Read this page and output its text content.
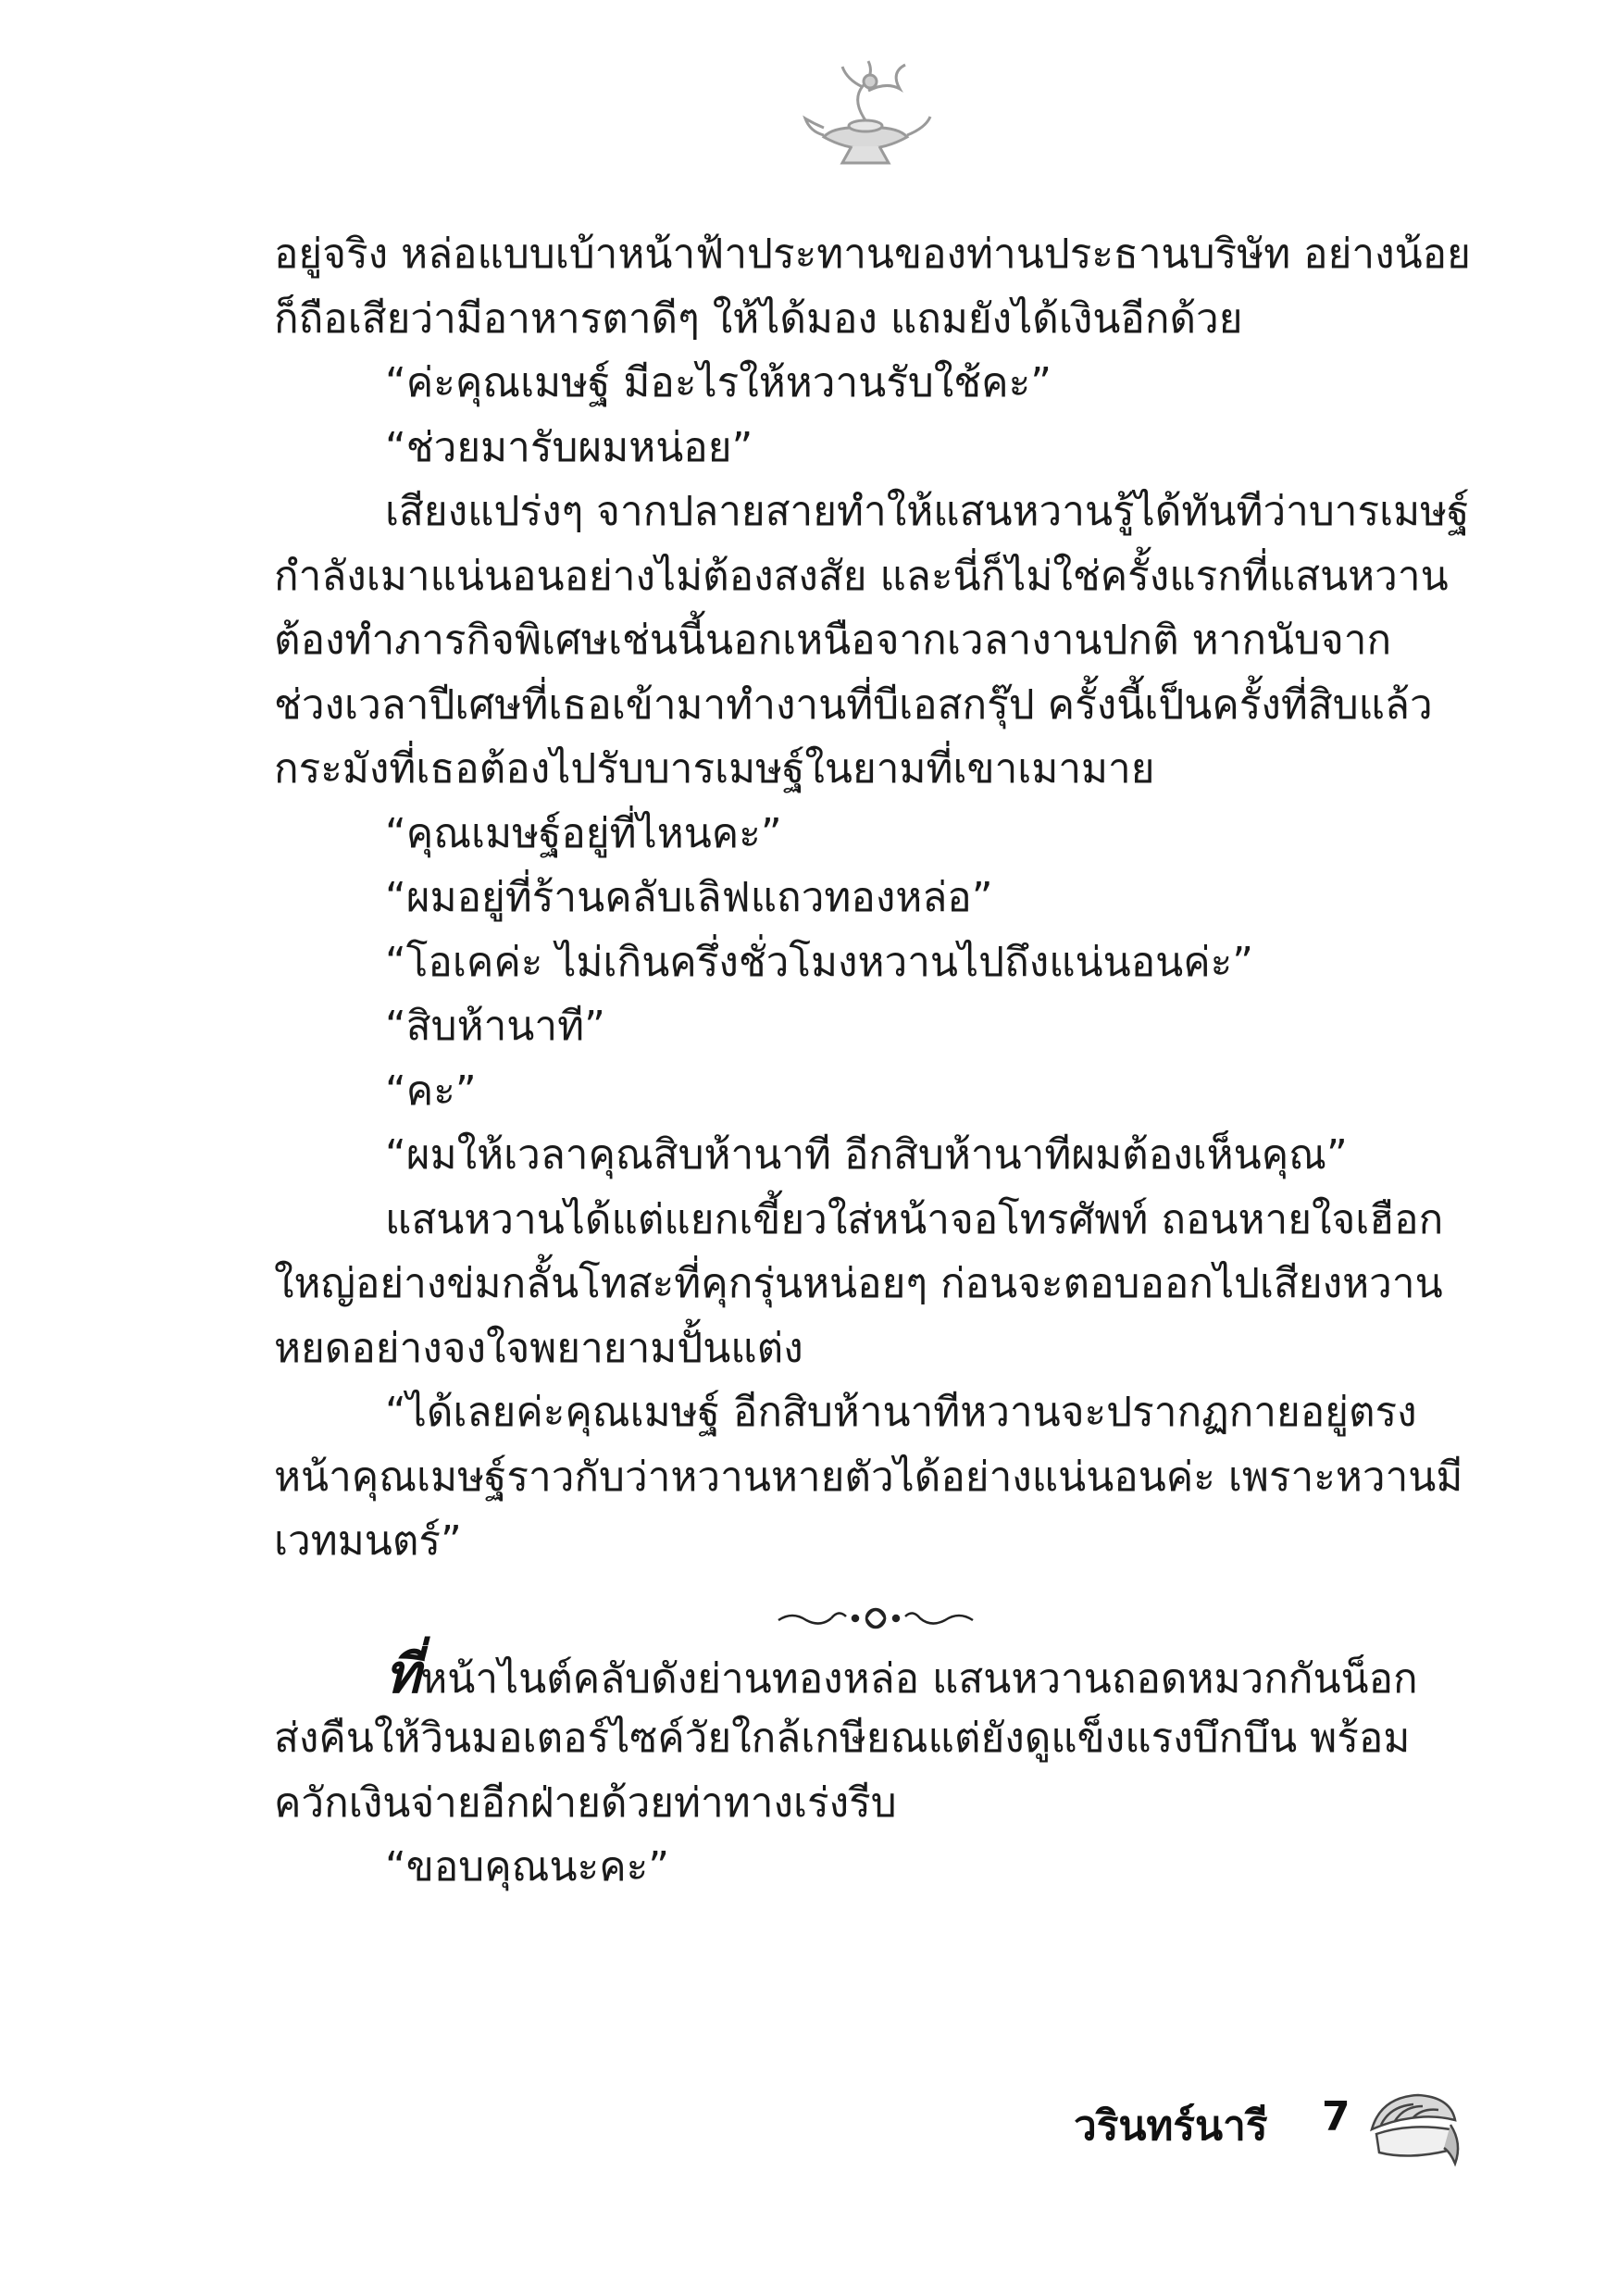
อยู่จริง หล่อแบบเบ้าหน้าฟ้าประทานของท่านประธานบริษัท อย่างน้อย
ก็ถือเสียว่ามีอาหารตาดีๆ ให้ได้มอง แถมยังได้เงินอีกด้วย
“ค่ะคุณเมษฐ์ มีอะไรให้หวานรับใช้คะ”
“ช่วยมารับผมหน่อย”
เสียงแปร่งๆ จากปลายสายทำให้แสนหวานรู้ได้ทันทีว่าบารเมษฐ์
กำลังเมาแน่นอนอย่างไม่ต้องสงสัย และนี่ก็ไม่ใช่ครั้งแรกที่แสนหวาน
ต้องทำภารกิจพิเศษเช่นนี้นอกเหนือจากเวลางานปกติ หากนับจาก
ช่วงเวลาปีเศษที่เธอเข้ามาทำงานที่บีเอสกรุ๊ป ครั้งนี้เป็นครั้งที่สิบแล้ว
กระมังที่เธอต้องไปรับบารเมษฐ์ในยามที่เขาเมามาย
“คุณเมษฐ์อยู่ที่ไหนคะ”
“ผมอยู่ที่ร้านคลับเลิฟแถวทองหล่อ”
“โอเคค่ะ ไม่เกินครึ่งชั่วโมงหวานไปถึงแน่นอนค่ะ”
“สิบห้านาที”
“คะ”
“ผมให้เวลาคุณสิบห้านาที อีกสิบห้านาทีผมต้องเห็นคุณ”
แสนหวานได้แต่แยกเขี้ยวใส่หน้าจอโทรศัพท์ ถอนหายใจเฮือก
ใหญ่อย่างข่มกลั้นโทสะที่คุกรุ่นหน่อยๆ ก่อนจะตอบออกไปเสียงหวาน
หยดอย่างจงใจพยายามปั้นแต่ง
“ได้เลยค่ะคุณเมษฐ์ อีกสิบห้านาทีหวานจะปรากฏกายอยู่ตรง
หน้าคุณเมษฐ์ราวกับว่าหวานหายตัวได้อย่างแน่นอนค่ะ เพราะหวานมี
เวทมนตร์”
ที่หน้าไนต์คลับดังย่านทองหล่อ แสนหวานถอดหมวกกันน็อก
ส่งคืนให้วินมอเตอร์ไซค์วัยใกล้เกษียณแต่ยังดูแข็งแรงบึกบึน พร้อม
ควักเงินจ่ายอีกฝ่ายด้วยท่าทางเร่งรีบ
“ขอบคุณนะคะ”
วรินทร์นารี 7
